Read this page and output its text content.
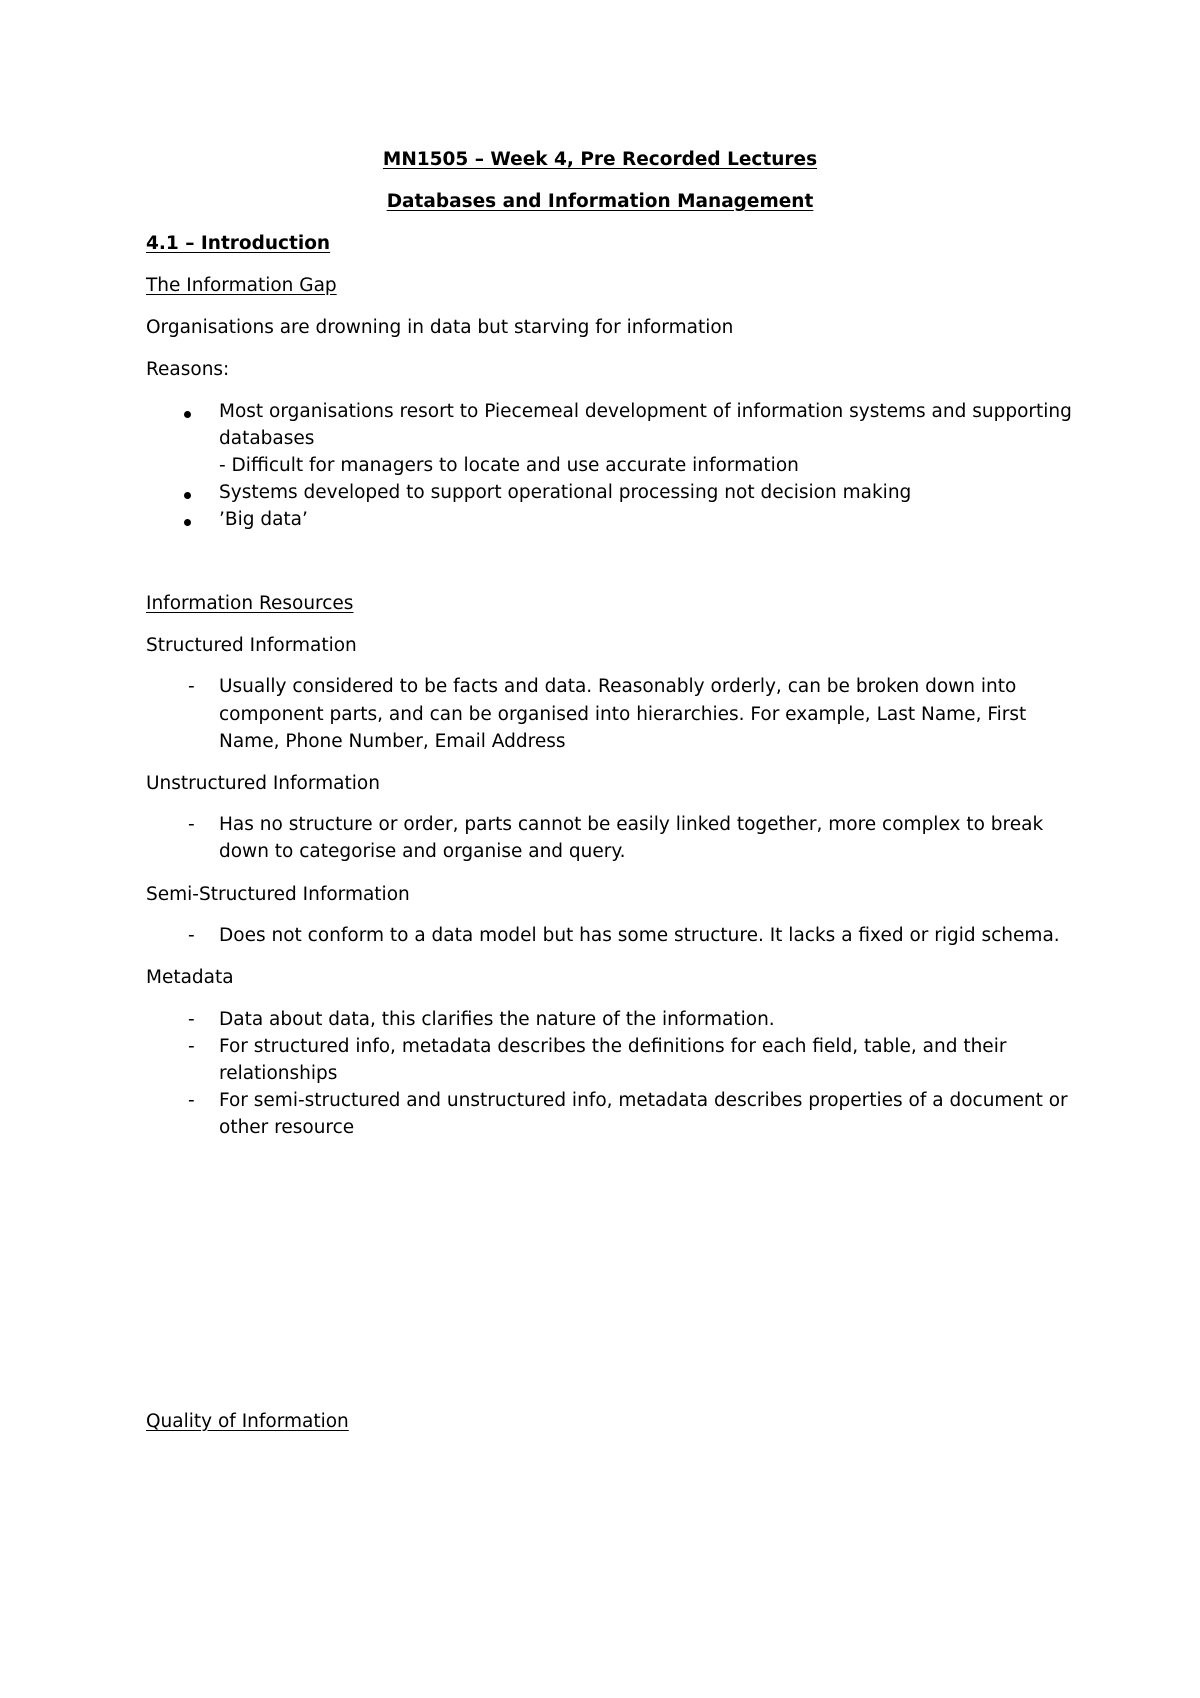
MN1505 – Week 4, Pre Recorded Lectures
Databases and Information Management
4.1 – Introduction
The Information Gap
Organisations are drowning in data but starving for information
Reasons:
Most organisations resort to Piecemeal development of information systems and supporting
databases
- Difficult for managers to locate and use accurate information
Systems developed to support operational processing not decision making
’Big data’
Information Resources
Structured Information
- Usually considered to be facts and data. Reasonably orderly, can be broken down into
component parts, and can be organised into hierarchies. For example, Last Name, First
Name, Phone Number, Email Address
Unstructured Information
- Has no structure or order, parts cannot be easily linked together, more complex to break
down to categorise and organise and query.
Semi-Structured Information
- Does not conform to a data model but has some structure. It lacks a fixed or rigid schema.
Metadata
- Data about data, this clarifies the nature of the information.
- For structured info, metadata describes the definitions for each field, table, and their
relationships
- For semi-structured and unstructured info, metadata describes properties of a document or
other resource
Quality of Information
